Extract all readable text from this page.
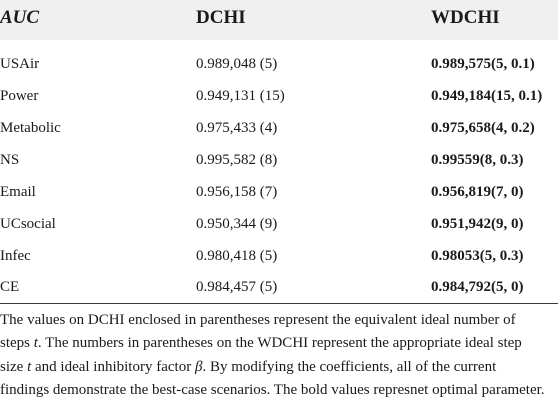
AUC	DCHI	WDCHI
USAir	0.989,048 (5)	0.989,575(5, 0.1)
Power	0.949,131 (15)	0.949,184(15, 0.1)
Metabolic	0.975,433 (4)	0.975,658(4, 0.2)
NS	0.995,582 (8)	0.99559(8, 0.3)
Email	0.956,158 (7)	0.956,819(7, 0)
UCsocial	0.950,344 (9)	0.951,942(9, 0)
Infec	0.980,418 (5)	0.98053(5, 0.3)
CE	0.984,457 (5)	0.984,792(5, 0)
The values on DCHI enclosed in parentheses represent the equivalent ideal number of steps t. The numbers in parentheses on the WDCHI represent the appropriate ideal step size t and ideal inhibitory factor β. By modifying the coefficients, all of the current findings demonstrate the best-case scenarios. The bold values represnet optimal parameter.
